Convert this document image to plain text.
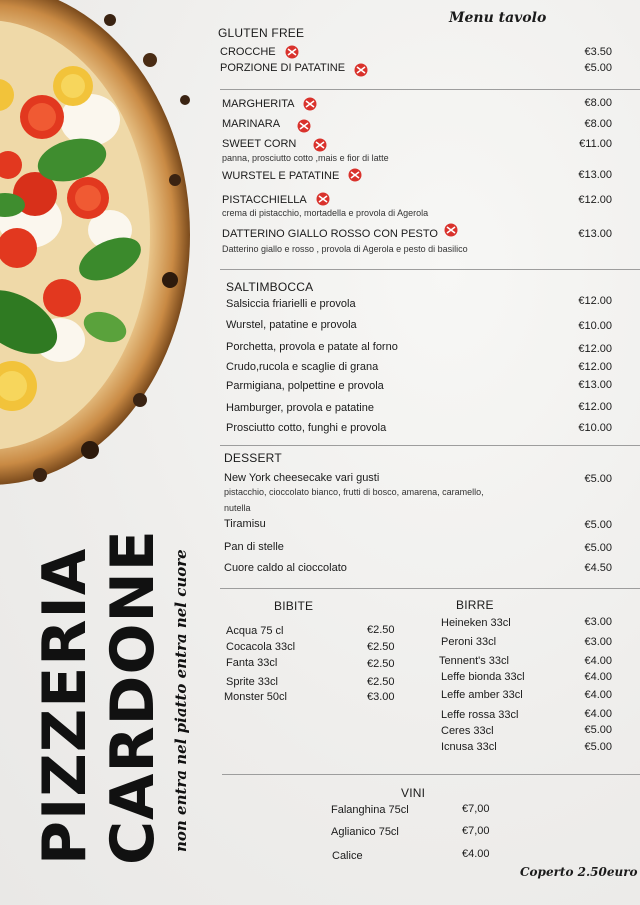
PIZZERIA
CARDONE non entra nel piatto entra nel cuore
Menu tavolo
GLUTEN FREE
CROCCHE	€3.50
PORZIONE DI PATATINE	€5.00
MARGHERITA	€8.00
MARINARA	€8.00
SWEET CORN	€11.00
panna, prosciutto cotto ,mais e fior di latte
WURSTEL E PATATINE	€13.00
PISTACCHIELLA	€12.00
crema di pistacchio, mortadella e provola di Agerola
DATTERINO GIALLO ROSSO CON PESTO	€13.00
Datterino giallo e rosso , provola di Agerola e pesto di basilico
SALTIMBOCCA
Salsiccia friarielli e provola	€12.00
Wurstel, patatine e provola	€10.00
Porchetta, provola e patate al forno	€12.00
Crudo,rucola e scaglie di grana	€12.00
Parmigiana, polpettine e provola	€13.00
Hamburger, provola e patatine	€12.00
Prosciutto cotto, funghi e provola	€10.00
DESSERT
New York cheesecake vari gusti	€5.00
pistacchio, cioccolato bianco, frutti di bosco, amarena, caramello,
nutella
Tiramisu	€5.00
Pan di stelle	€5.00
Cuore caldo al cioccolato	€4.50
BIBITE
Acqua 75 cl	€2.50
Cocacola 33cl	€2.50
Fanta 33cl	€2.50
Sprite 33cl	€2.50
Monster 50cl	€3.00
BIRRE
Heineken 33cl	€3.00
Peroni 33cl	€3.00
Tennent's 33cl	€4.00
Leffe bionda 33cl	€4.00
Leffe amber 33cl	€4.00
Leffe rossa 33cl	€4.00
Ceres 33cl	€5.00
Icnusa 33cl	€5.00
VINI
Falanghina 75cl	€7,00
Aglianico 75cl	€7,00
Calice	€4.00
Coperto 2.50euro
